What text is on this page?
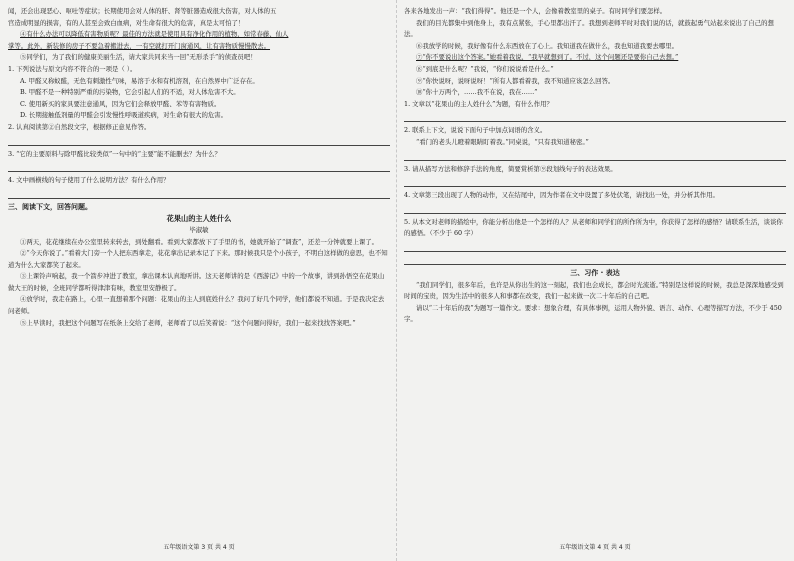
闻，还会出现恶心、呕吐等症状；长期使用会对人体的肝、肾等脏器造成很大伤害，对人体的五

官造成明显的损害，有的人甚至会致白血病，对生命有很大的危害，真是太可怕了！

④有什么办法可以降低有害物质呢？最佳的方法就是使用具有净化作用的植物，如常春藤、仙人

掌等。此外，新装修的房子不要急着搬进去，一有空就打开门窗通风，让有害物质慢慢散去。

⑤同学们，为了我们的健康美丽生活，请大家共同来当一回“无形杀手”的侦查员吧！

1. 下列说法与原文内容不符合的一项是（ ）。

A. 甲醛又称蚁醛，无色有刺激性气味，易溶于水和有机溶剂，在自然界中广泛存在。

B. 甲醛不是一种特别严重的污染物，它会引起人们的不适，对人体危害不大。

C. 使用新买的家具要注意通风，因为它们会释放甲醛、苯等有害物质。

D. 长期接触低剂量的甲醛会引发慢性呼吸道疾病，对生命有很大的危害。

2. 认真阅读第②自然段文字，根据修正意见作答。

3. “它的主要原料与除甲醛比较类似”一句中的“主要”能不能删去？为什么？

4. 文中画横线的句子使用了什么说明方法？有什么作用？

三、阅读下文，回答问题。

花果山的主人姓什么

毕淑敏

①两天，花花继续在办公室里转来转去，到处翻看。看到大家都放下了手里的书，她就开始了“调查”，还差一分钟就要上课了。

②“今天你说了。”看着大门旁一个人把东西拿走，花花拿出记录本记了下来。那时候我只是个小孩子，不明白这样做的意思，也不知道为什么大家都笑了起来。

③上课铃声响起，我一个箭步冲进了教室，拿出课本认真地听讲。这天老师讲的是《西游记》中的一个故事，讲到孙悟空在花果山做大王的时候，全班同学都听得津津有味，教室里安静极了。

④放学时，我走在路上，心里一直想着那个问题：花果山的主人到底姓什么？我问了好几个同学，他们都说不知道。于是我决定去问老师。

⑤上早读时，我把这个问题写在纸条上交给了老师，老师看了以后笑着说：“这个问题问得好，我们一起来找找答案吧。”

五年级语文第 3 页 共 4 页

各来各地发出一声：“我们得得”。他还是一个人，会像着教室里的桌子。有时同学们要怎样。

我们的目光都集中到他身上，我有点紧张，手心里都出汗了。我想到老师平时对我们说的话，就鼓起勇气站起来说出了自己的想法。

⑥我放学的时候，我好像有什么东西放在了心上。我知道我在做什么，我也知道我要去哪里。

⑦“你不要说出这个答案。”她看着我说，“我早就想到了。不过，这个问题还是要你自己去想。”

⑧“到底是什么呢？”我说，“你们说说看是什么。”

⑨“你快说呀，说呀说呀！”所有人都看着我，我不知道应该怎么回答。

⑩“你十万两个，……我不在说，我在……”

1. 文章以“花果山的主人姓什么”为题，有什么作用？

2. 联系上下文，说说下面句子中加点词语的含义。

“看门的老头儿瞪着眼睛盯着我。”同桌说，“只有我知道秘密。”

3. 请从描写方法和修辞手法的角度，简要赏析第⑨段划线句子的表达效果。

4. 文章第三段出现了人物的动作，又在结尾中，因为作者在文中设置了多处伏笔，请找出一处，并分析其作用。

5. 从本文对老师的描绘中，你能分析出他是一个怎样的人？从老师和同学们的所作所为中，你获得了怎样的感悟？请联系生活，谈谈你的感悟。（不少于 60 字）

三、习作 · 表达

“我们同学们，很多年后，也许是从你出生的这一刻起，我们也会成长，都会时光流逝。”特别是这样说的时候，我总是深深地感受到时间的宝贵，因为生活中的很多人和事都在改变，我们一起来做一次二十年后的自己吧。

请以“二十年后的我”为题写一篇作文。要求：想象合理，有具体事例，运用人物外貌、语言、动作、心理等描写方法，不少于 450 字。

五年级语文第 4 页 共 4 页
